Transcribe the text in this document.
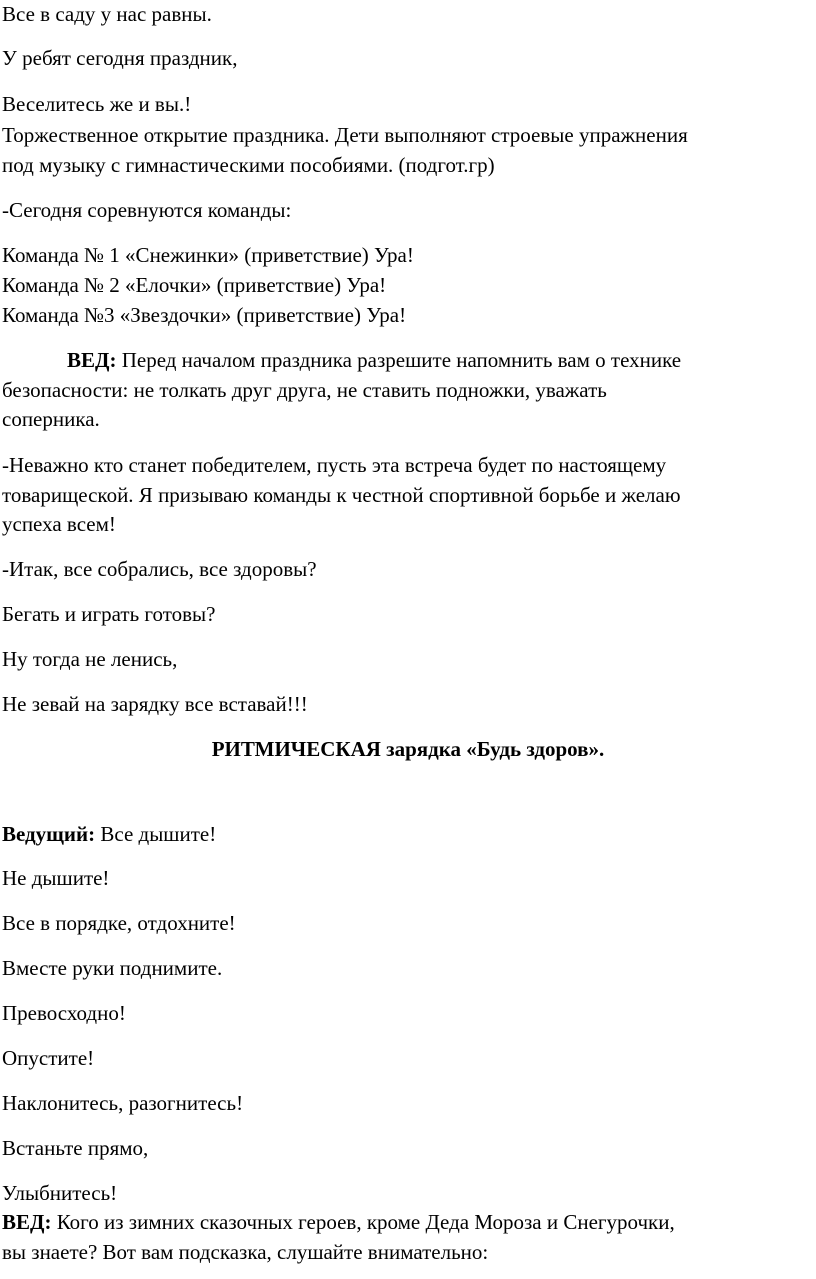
Все в саду у нас равны.
У ребят сегодня праздник,
Веселитесь же и вы.!
Торжественное открытие праздника. Дети выполняют строевые упражнения
под музыку с гимнастическими пособиями. (подгот.гр)
-Сегодня соревнуются команды:
Команда № 1 «Снежинки» (приветствие) Ура!
Команда № 2 «Елочки» (приветствие) Ура!
Команда №3 «Звездочки» (приветствие) Ура!
ВЕД: Перед началом праздника разрешите напомнить вам о технике
безопасности: не толкать друг друга, не ставить подножки, уважать
соперника.
-Неважно кто станет победителем, пусть эта встреча будет по настоящему
товарищеской. Я призываю команды к честной спортивной борьбе и желаю
успеха всем!
-Итак, все собрались, все здоровы?
Бегать и играть готовы?
Ну тогда не ленись,
Не зевай на зарядку все вставай!!!
РИТМИЧЕСКАЯ зарядка «Будь здоров».
Ведущий: Все дышите!
Не дышите!
Все в порядке, отдохните!
Вместе руки поднимите.
Превосходно!
Опустите!
Наклонитесь, разогнитесь!
Встаньте прямо,
Улыбнитесь!
ВЕД: Кого из зимних сказочных героев, кроме Деда Мороза и Снегурочки,
вы знаете? Вот вам подсказка, слушайте внимательно:
